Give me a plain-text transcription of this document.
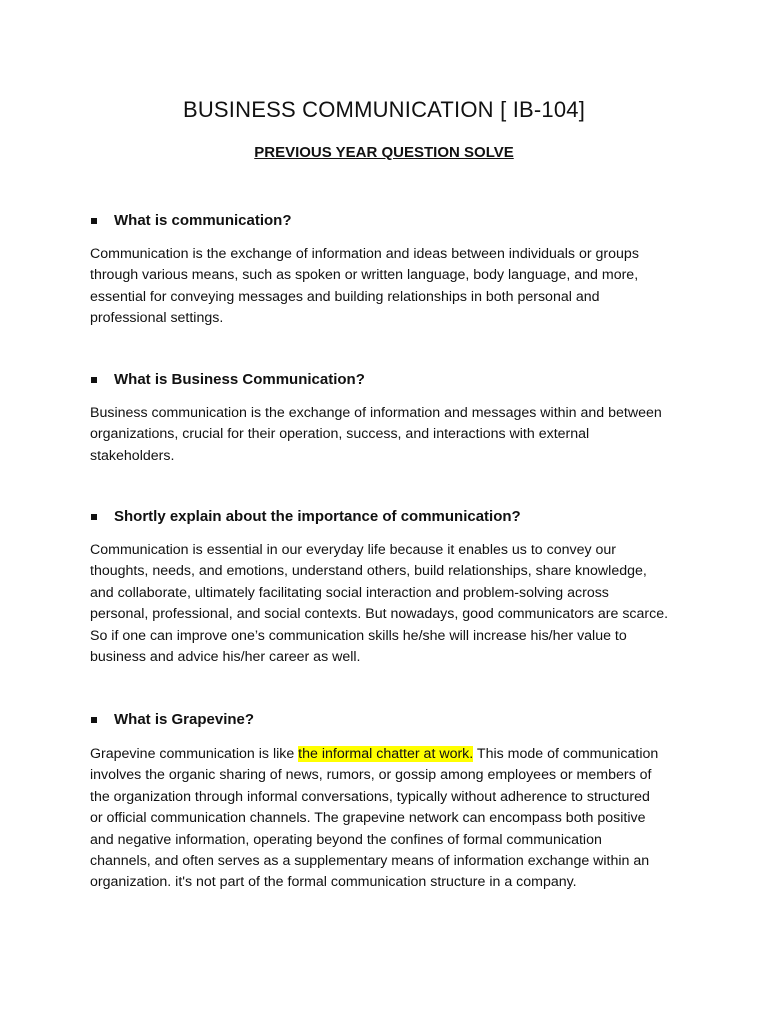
BUSINESS COMMUNICATION [ IB-104]
PREVIOUS YEAR QUESTION SOLVE
What is communication?
Communication is the exchange of information and ideas between individuals or groups
through various means, such as spoken or written language, body language, and more,
essential for conveying messages and building relationships in both personal and
professional settings.
What is Business Communication?
Business communication is the exchange of information and messages within and between
organizations, crucial for their operation, success, and interactions with external
stakeholders.
Shortly explain about the importance of communication?
Communication is essential in our everyday life because it enables us to convey our
thoughts, needs, and emotions, understand others, build relationships, share knowledge,
and collaborate, ultimately facilitating social interaction and problem-solving across
personal, professional, and social contexts. But nowadays, good communicators are scarce.
So if one can improve one’s communication skills he/she will increase his/her value to
business and advice his/her career as well.
What is Grapevine?
Grapevine communication is like the informal chatter at work. This mode of communication
involves the organic sharing of news, rumors, or gossip among employees or members of
the organization through informal conversations, typically without adherence to structured
or official communication channels. The grapevine network can encompass both positive
and negative information, operating beyond the confines of formal communication
channels, and often serves as a supplementary means of information exchange within an
organization. it's not part of the formal communication structure in a company.
